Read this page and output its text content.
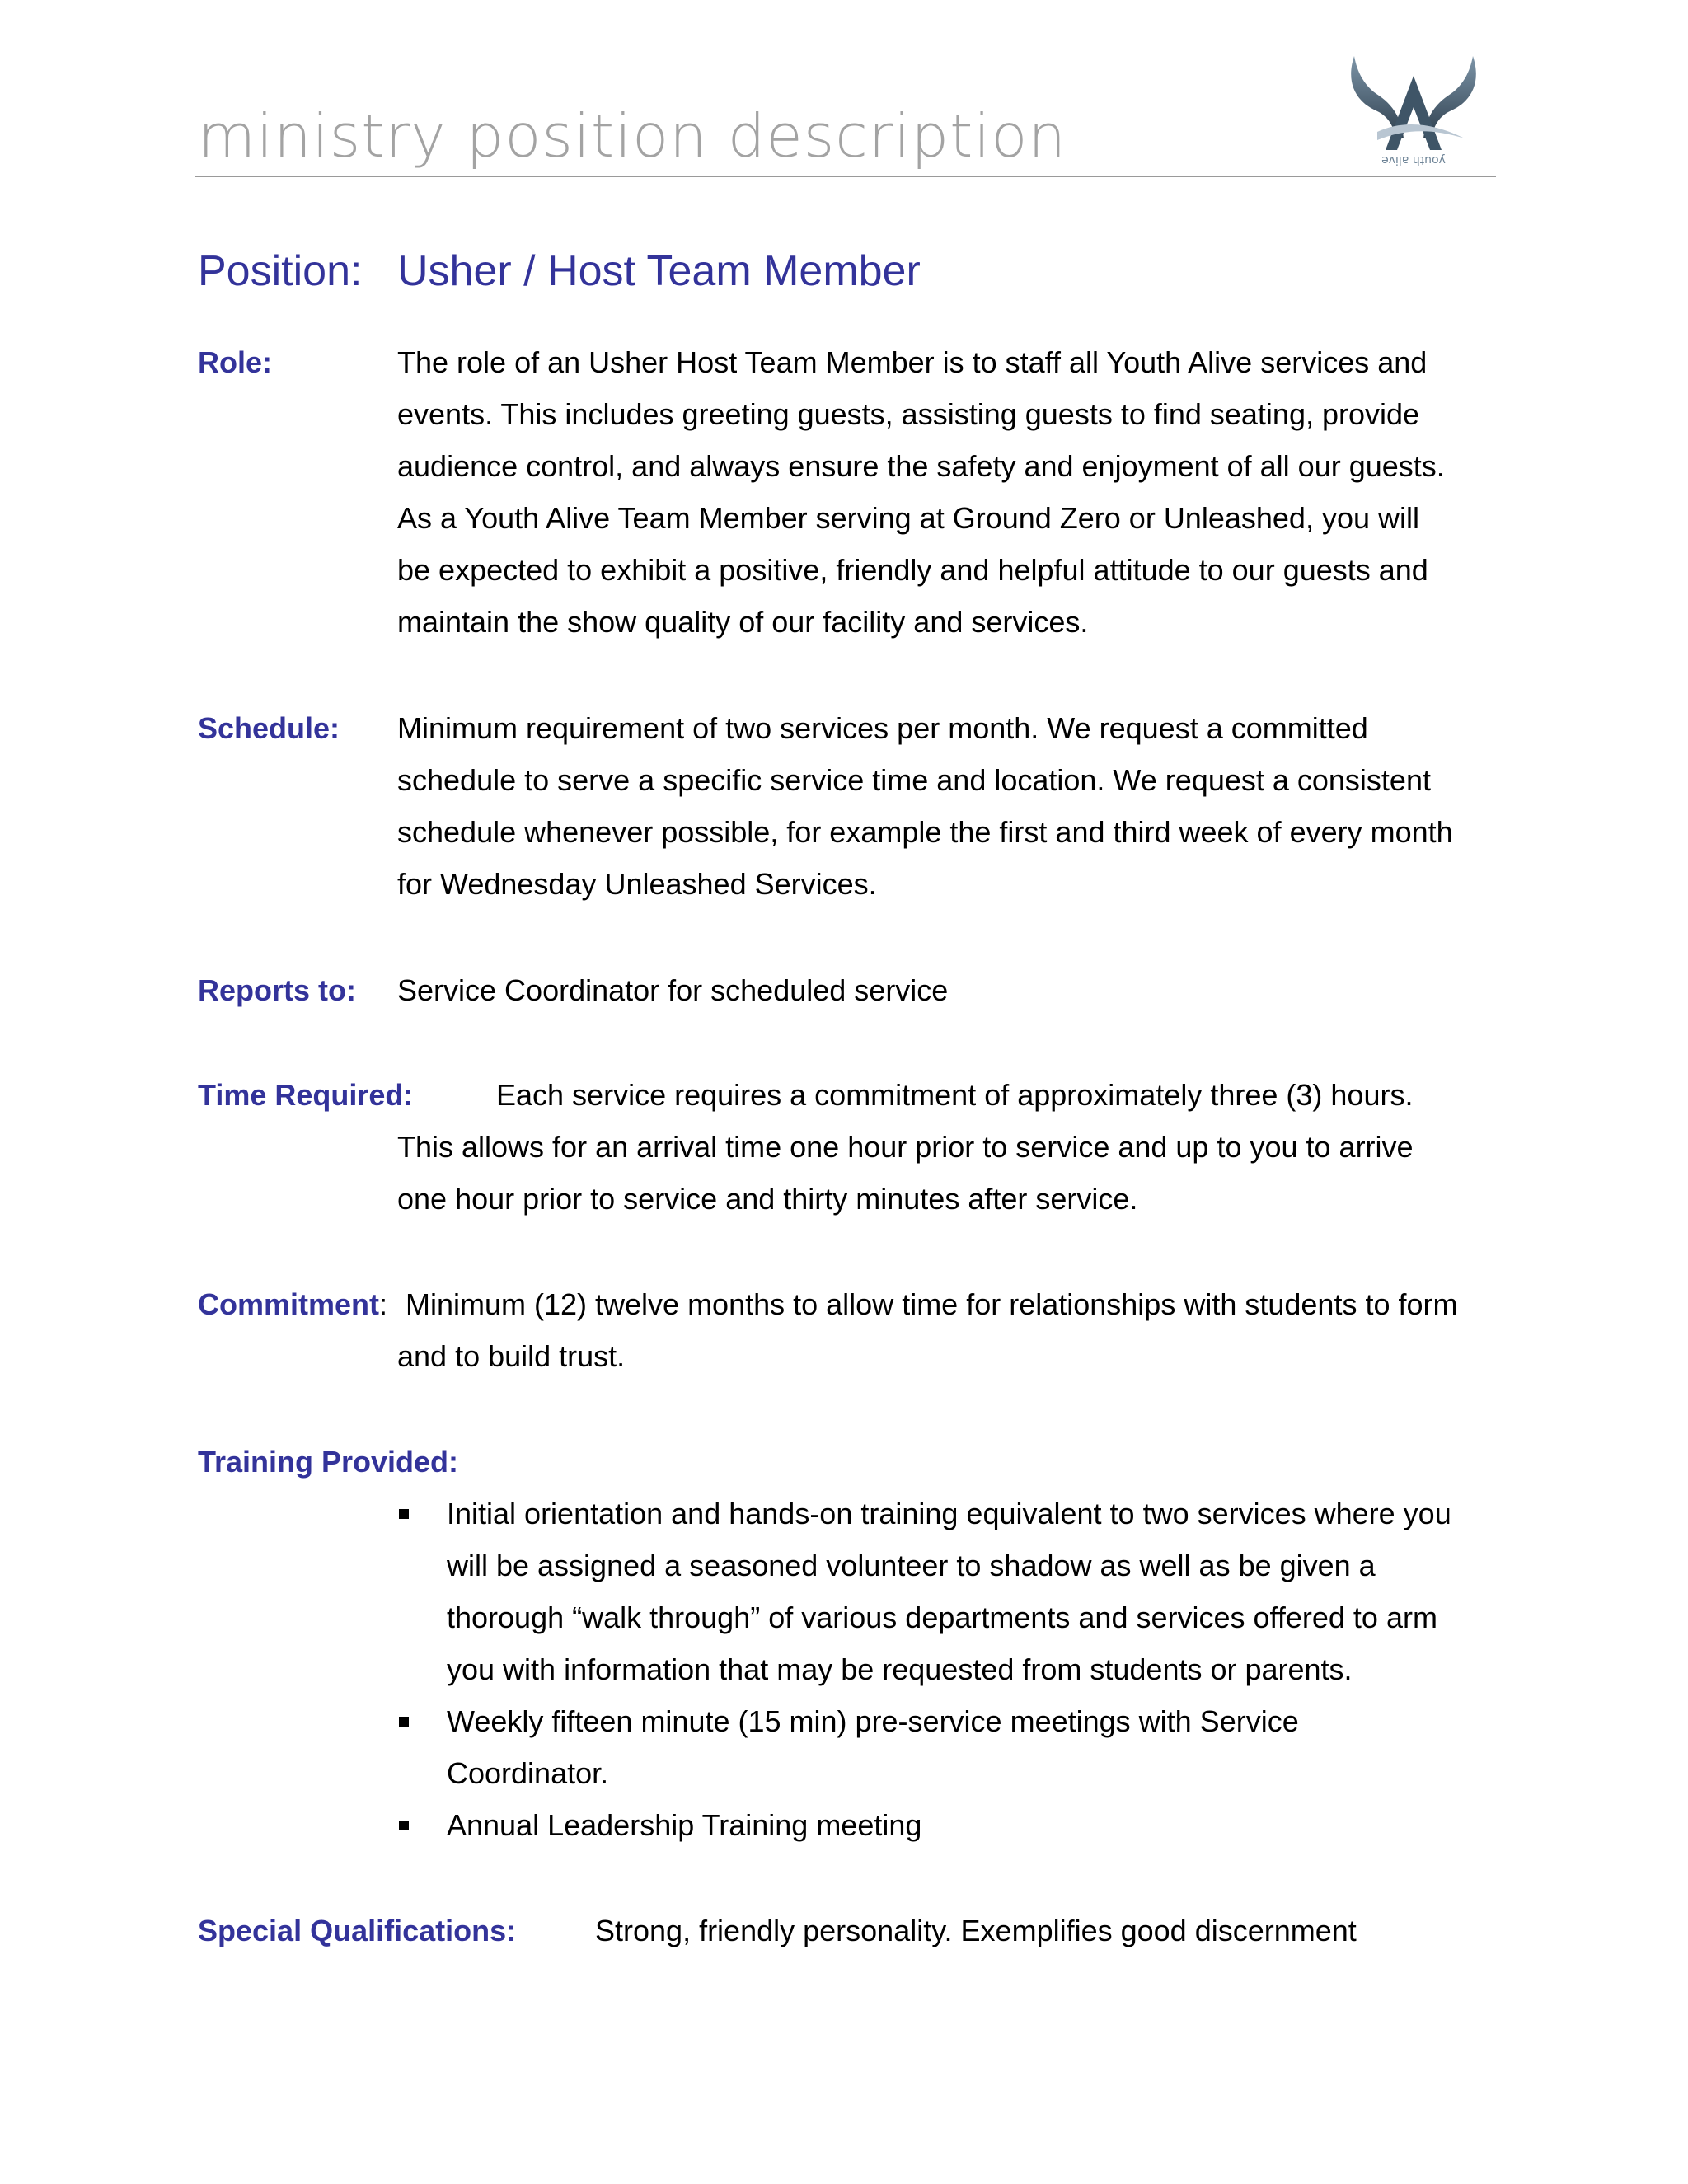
ministry position description	youth alive
Position: Usher / Host Team Member
Role:	The role of an Usher Host Team Member is to staff all Youth Alive services and
events. This includes greeting guests, assisting guests to find seating, provide
audience control, and always ensure the safety and enjoyment of all our guests.
As a Youth Alive Team Member serving at Ground Zero or Unleashed, you will
be expected to exhibit a positive, friendly and helpful attitude to our guests and
maintain the show quality of our facility and services.
Schedule: Minimum requirement of two services per month. We request a committed
schedule to serve a specific service time and location. We request a consistent
schedule whenever possible, for example the first and third week of every month
for Wednesday Unleashed Services.
Reports to: Service Coordinator for scheduled service
Time Required:	Each service requires a commitment of approximately three (3) hours.
This allows for an arrival time one hour prior to service and up to you to arrive
one hour prior to service and thirty minutes after service.
Commitment: Minimum (12) twelve months to allow time for relationships with students to form
and to build trust.
Training Provided:
Initial orientation and hands-on training equivalent to two services where you
will be assigned a seasoned volunteer to shadow as well as be given a
thorough “walk through” of various departments and services offered to arm
you with information that may be requested from students or parents.
Weekly fifteen minute (15 min) pre-service meetings with Service
Coordinator.
Annual Leadership Training meeting
Special Qualifications:	Strong, friendly personality. Exemplifies good discernment
